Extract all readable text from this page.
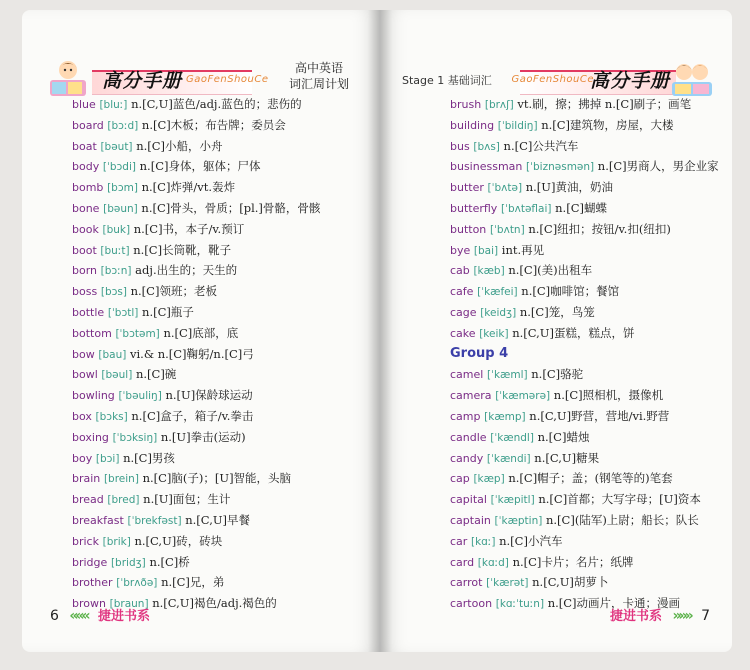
高分手册 GaoFenShouCe
高中英语
词汇周计划
blue [bluː] n.[C,U]蓝色/adj.蓝色的；悲伤的
board [bɔːd] n.[C]木板；布告牌；委员会
boat [bəut] n.[C]小船，小舟
body [ˈbɔdi] n.[C]身体，躯体；尸体
bomb [bɔm] n.[C]炸弹/vt.轰炸
bone [bəun] n.[C]骨头，骨质；[pl.]骨骼，骨骸
book [buk] n.[C]书，本子/v.预订
boot [buːt] n.[C]长筒靴，靴子
born [bɔːn] adj.出生的；天生的
boss [bɔs] n.[C]领班；老板
bottle [ˈbɔtl] n.[C]瓶子
bottom [ˈbɔtəm] n.[C]底部，底
bow [bau] vi.& n.[C]鞠躬/n.[C]弓
bowl [bəul] n.[C]碗
bowling [ˈbəuliŋ] n.[U]保龄球运动
box [bɔks] n.[C]盒子，箱子/v.拳击
boxing [ˈbɔksiŋ] n.[U]拳击(运动)
boy [bɔi] n.[C]男孩
brain [brein] n.[C]脑(子)；[U]智能，头脑
bread [bred] n.[U]面包；生计
breakfast [ˈbrekfəst] n.[C,U]早餐
brick [brik] n.[C,U]砖，砖块
bridge [bridʒ] n.[C]桥
brother [ˈbrʌðə] n.[C]兄，弟
brown [braun] n.[C,U]褐色/adj.褐色的
6 ««« 捷进书系
Stage 1 基础词汇 GaoFenShouCe
高分手册
brush [brʌʃ] vt.刷，擦；拂掉 n.[C]刷子；画笔
building [ˈbildiŋ] n.[C]建筑物，房屋，大楼
bus [bʌs] n.[C]公共汽车
businessman [ˈbiznəsmən] n.[C]男商人，男企业家
butter [ˈbʌtə] n.[U]黄油，奶油
butterfly [ˈbʌtəflai] n.[C]蝴蝶
button [ˈbʌtn] n.[C]纽扣；按钮/v.扣(纽扣)
bye [bai] int.再见
cab [kæb] n.[C](美)出租车
cafe [ˈkæfei] n.[C]咖啡馆；餐馆
cage [keidʒ] n.[C]笼，鸟笼
cake [keik] n.[C,U]蛋糕，糕点，饼
Group 4
camel [ˈkæml] n.[C]骆驼
camera [ˈkæmərə] n.[C]照相机，摄像机
camp [kæmp] n.[C,U]野营，营地/vi.野营
candle [ˈkændl] n.[C]蜡烛
candy [ˈkændi] n.[C,U]糖果
cap [kæp] n.[C]帽子；盖；(钢笔等的)笔套
capital [ˈkæpitl] n.[C]首都；大写字母；[U]资本
captain [ˈkæptin] n.[C](陆军)上尉；船长；队长
car [kɑː] n.[C]小汽车
card [kɑːd] n.[C]卡片；名片；纸牌
carrot [ˈkærət] n.[C,U]胡萝卜
cartoon [kɑːˈtuːn] n.[C]动画片，卡通；漫画
捷进书系 »»» 7
